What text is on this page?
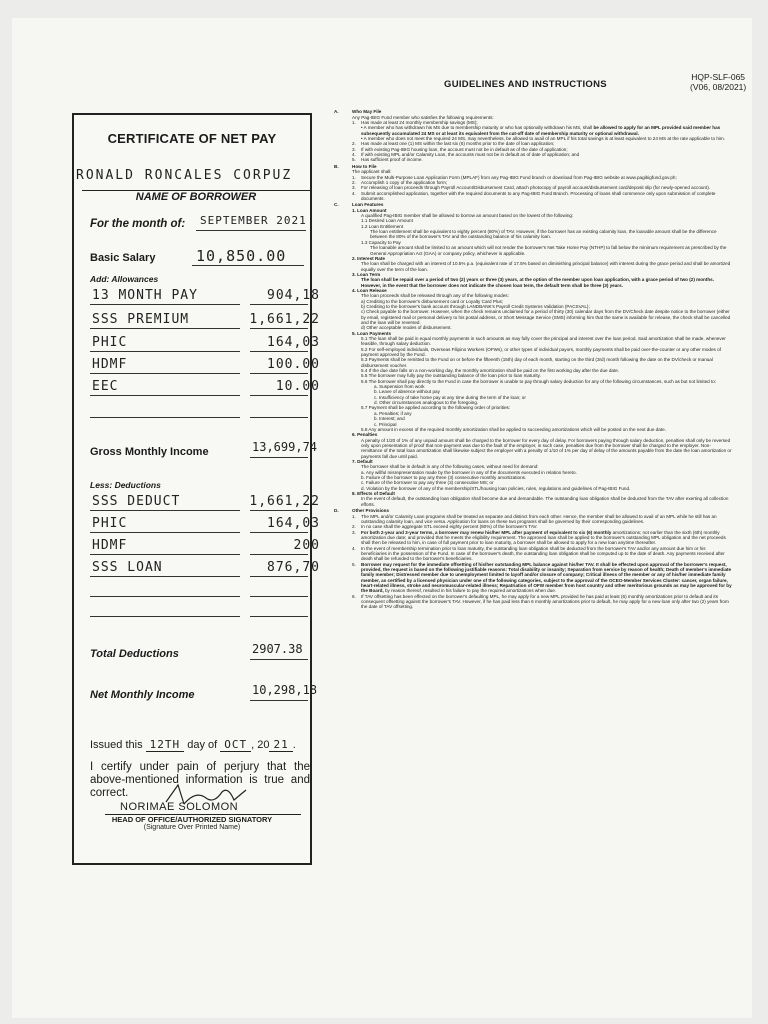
CERTIFICATE OF NET PAY
RONALD RONCALES CORPUZ
NAME OF BORROWER
For the month of: SEPTEMBER 2021
Basic Salary	10,850.00
Add: Allowances
13 MONTH PAY	904,18
SSS PREMIUM	1,661,22
PHIC	164,03
HDMF	100.00
EEC	10.00
Gross Monthly Income	13,699,74
Less: Deductions
SSS DEDUCT	1,661,22
PHIC	164,03
HDMF	200
SSS LOAN	876,70
Total Deductions	2907.38
Net Monthly Income	10,298,18
Issued this 12TH day of OCT , 20 21 .
I certify under pain of perjury that the above-mentioned information is true and correct.
NORIMAE SOLOMON
HEAD OF OFFICE/AUTHORIZED SIGNATORY
(Signature Over Printed Name)
HQP-SLF-065
(V06, 08/2021)
GUIDELINES AND INSTRUCTIONS
A.	Who May File
Any Pag-IBIG Fund member who satisfies the following requirements:
1. Has made at least 24 monthly membership savings (MS);
• A member who has withdrawn his MS due to membership maturity or who has optionally withdrawn his MS, shall be allowed to apply for an MPL provided said member has subsequently accumulated 24 MS or at least its equivalent from the cut-off date of membership maturity or optional withdrawal.
• A member who does not meet the required 24 MS, may nevertheless, be allowed to avail of an MPL if his total savings is at least equivalent to 24 MS at the rate applicable to him.
2. Has made at least one (1) MS within the last six (6) months prior to the date of loan application;
3. If with existing Pag-IBIG housing loan, the account must not be in default as of the date of application;
4. If with existing MPL and/or Calamity Loan, the accounts must not be in default as of date of application; and
5. Has sufficient proof of income.
B.	How to File
The applicant shall:
1. Secure the Multi-Purpose Loan Application Form (MPLAF) from any Pag-IBIG Fund branch or download from Pag-IBIG website at www.pagibigfund.gov.ph;
2. Accomplish 1 copy of the application form;
3. For releasing of loan proceeds through Payroll Account/Disbursement Card, attach photocopy of payroll account/disbursement card/deposit slip (for newly-opened account).
4. Submit accomplished application, together with the required documents to any Pag-IBIG Fund Branch. Processing of loans shall commence only upon submission of complete documents.
C.	Loan Features
1. Loan Amount
A qualified Pag-IBIG member shall be allowed to borrow an amount based on the lowest of the following:
1.1 Desired Loan Amount
1.2 Loan Entitlement
The loan entitlement shall be equivalent to eighty percent (80%) of TAV. However, if the borrower has an existing calamity loan, the loanable amount shall be the difference between the 80% of the borrower's TAV and the outstanding balance of his calamity loan.
1.3 Capacity to Pay
The loanable amount shall be limited to an amount which will not render the borrower's Net Take Home Pay (NTHP) to fall below the minimum requirement as prescribed by the General Appropriation Act (GAA) or company policy, whichever is applicable.
2. Interest Rate
The loan shall be charged with an interest of 10.5% p.a. (equivalent rate of 17.5% based on diminishing principal balance) with interest during the grace period and shall be amortized equally over the term of the loan.
3. Loan Term
The loan shall be repaid over a period of two (2) years or three (3) years, at the option of the member upon loan application, with a grace period of two (2) months.
However, in the event that the borrower does not indicate the chosen loan term, the default term shall be three (3) years.
4. Loan Release
The loan proceeds shall be released through any of the following modes:
a) Crediting to the borrower's disbursement card or Loyalty Card Plus;
b) Crediting to the borrower's bank account through LANDBANK's Payroll Credit Systems Validation (PACSVAL);
c) Check payable to the borrower. However, when the check remains unclaimed for a period of thirty (30) calendar days from the DV/Check date despite notice to the borrower (either by email, registered mail or personal delivery to his postal address, or Short Message Service (SMS) informing him that the same is available for release, the check shall be cancelled and the loan will be reversed.
d) Other acceptable modes of disbursement.
5. Loan Payments
5.1 The loan shall be paid in equal monthly payments in such amounts as may fully cover the principal and interest over the loan period. Said amortization shall be made, whenever feasible, through salary deduction.
5.2 For self-employed individuals, Overseas Filipino Workers (OFWs), or other types of individual payors, monthly payments shall be paid over-the-counter or any other modes of payment approved by the Fund.
5.3 Payments shall be remitted to the Fund on or before the fifteenth (15th) day of each month, starting on the third (3rd) month following the date on the DV/check or manual disbursement voucher.
5.4 If the due date falls on a non-working day, the monthly amortization shall be paid on the first working day after the due date.
5.5 The borrower may fully pay the outstanding balance of the loan prior to loan maturity.
5.6 The borrower shall pay directly to the Fund in case the borrower is unable to pay through salary deduction for any of the following circumstances, such as but not limited to:
a. Suspension from work
b. Leave of absence without pay
c. Insufficiency of take home pay at any time during the term of the loan; or
d. Other circumstances analogous to the foregoing.
5.7 Payment shall be applied according to the following order of priorities:
a. Penalties; if any
b. Interest; and
c. Principal
5.8 Any amount in excess of the required monthly amortization shall be applied to succeeding amortizations which will be posted on the next due date.
6. Penalties
A penalty of 1/20 of 1% of any unpaid amount shall be charged to the borrower for every day of delay. For borrowers paying through salary deduction, penalties shall only be reversed only upon presentation of proof that non-payment was due to the fault of the employer, in such case, penalties due from the borrower shall be charged to the employer. Non-remittance of the total loan amortization shall likewise subject the employer with a penalty of 1/10 of 1% per day of delay of the amounts payable from the date the loan amortization or payments fall due until paid.
7. Default
The borrower shall be in default in any of the following cases, without need for demand:
a. Any willful misrepresentation made by the borrower in any of the documents executed in relation hereto.
b. Failure of the borrower to pay any three (3) consecutive monthly amortizations.
c. Failure of the borrower to pay any three (3) consecutive MS; or
d. Violation by the borrower of any of the membership/STL/housing loan policies, rules, regulations and guidelines of Pag-IBIG Fund.
8. Effects of Default
In the event of default, the outstanding loan obligation shall become due and demandable. The outstanding loan obligation shall be deducted from the TAV after exerting all collection efforts.
D.	Other Provisions
1. The MPL and/or Calamity Loan programs shall be treated as separate and distinct from each other. Hence, the member shall be allowed to avail of an MPL while he still has an outstanding calamity loan, and vice versa. Application for loans on these two programs shall be governed by their corresponding guidelines.
2. In no case shall the aggregate STL exceed eighty percent (80%) of the borrower's TAV.
3. For both 2-year and 3-year terms, a borrower may renew his/her MPL after payment of equivalent to six (6) monthly amortizations; not earlier than the sixth (6th) monthly amortization due date; and provided that he meets the eligibility requirement. The approved loan shall be applied to the borrower's outstanding MPL obligation and the net proceeds shall then be released to him, in case of full payment prior to loan maturity, a borrower shall be allowed to apply for a new loan anytime thereafter.
4. In the event of membership termination prior to loan maturity, the outstanding loan obligation shall be deducted from the borrower's TAV and/or any amount due him or his beneficiaries in the possession of the Fund. In case of the borrower's death, the outstanding loan obligation shall be computed up to the date of death. Any payments received after death shall be refunded to the borrower's beneficiaries.
5. Borrower may request for the immediate offsetting of his/her outstanding MPL balance against his/her TAV. It shall be effected upon approval of the borrower's request, provided, the request is based on the following justifiable reasons: Total disability or insanity; Separation from service by reason of health; Death of member's immediate family member; Distressed member due to unemployment limited to layoff and/or closure of company; Critical illness of the member or any of his/her immediate family member, as certified by a licensed physician under one of the following categories, subject to the approval of the OCEO-Member Services Cluster: cancer, organ failure, heart-related illness, stroke and neuromuscular-related illness; Repatriation of OFW member from host country and other meritorious grounds as may be approved for by the Board, by reason thereof, resulted in his failure to pay the required amortizations when due.
6. If TAV offsetting has been effected on the borrower's defaulting MPL, he may apply for a new MPL provided he has paid at least (6) monthly amortizations prior to default and its consequent offsetting against the borrower's TAV. However, if he has paid less than 6 monthly amortizations prior to default, he may apply for a new loan only after two (2) years from the date of TAV offsetting.
